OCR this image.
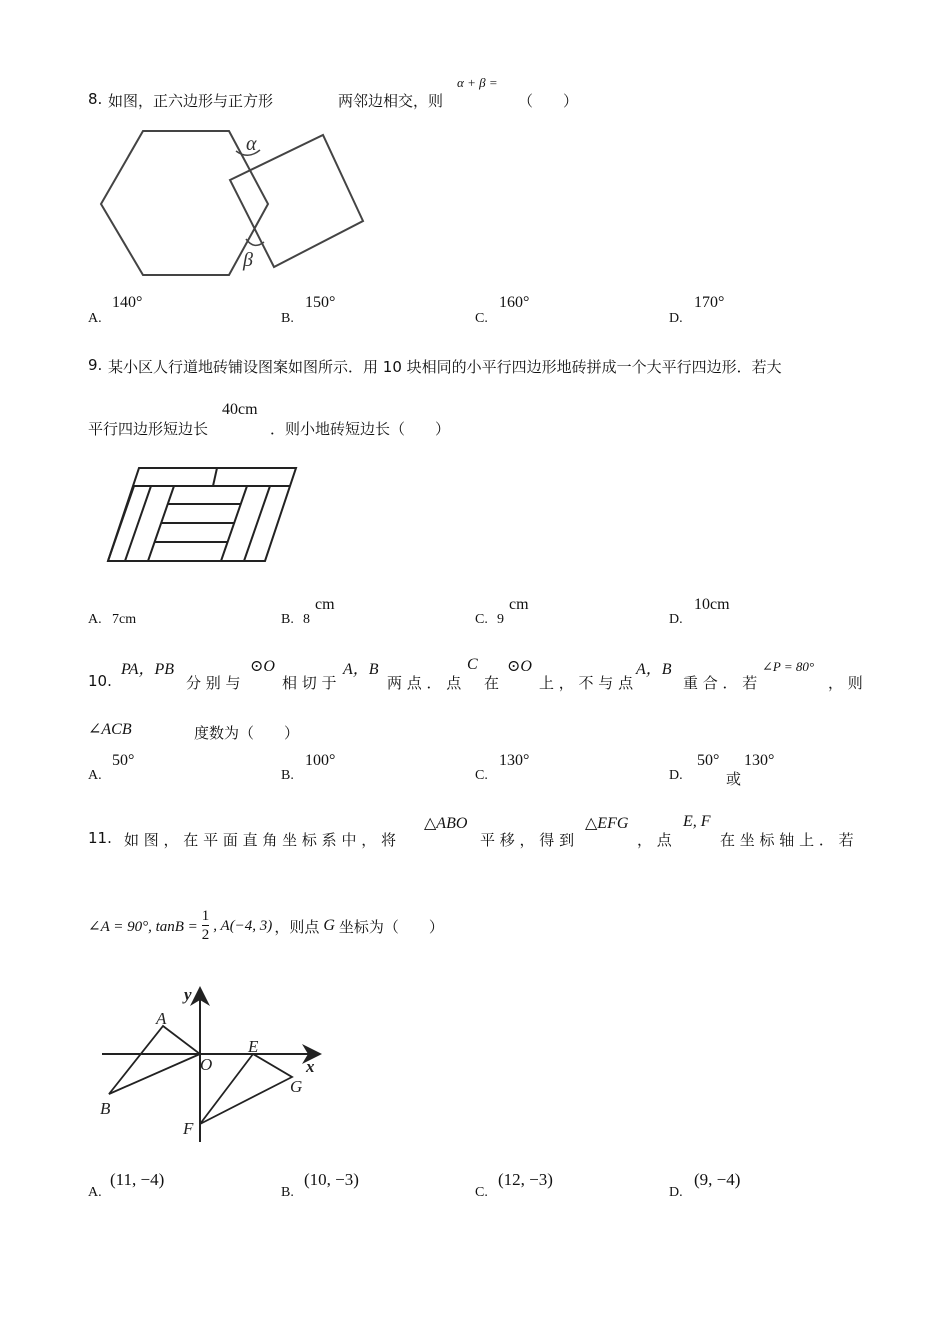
8. 如图，正六边形与正方形	两邻边相交，则
α + β =
（　　）
α
β
A.
140°
B.
150°
C.
160°
D.
170°
9. 某小区人行道地砖铺设图案如图所示．用 10 块相同的小平行四边形地砖拼成一个大平行四边形．若大
平行四边形短边长
40cm
．则小地砖短边长（　　）
A. 7cm	B. 8
cm
C. 9
cm
D.
10cm
10.
PA，PB
分 别 与
⊙O
相 切 于
A，B
两 点 ． 点
C
在
⊙O
上 ， 不 与 点
A，B
重 合 ． 若
∠P = 80°
， 则
∠ACB	度数为（　　）
A.
50°
B.
100°
C.
130°
D.
50°
或
130°
11. 如 图 ， 在 平 面 直 角 坐 标 系 中 ， 将
△ABO
平 移 ， 得 到
△EFG
， 点
E, F
在 坐 标 轴 上 ． 若
∠A = 90°, $\tan B = \frac{1}{2}$ , A(−4, 3) ，则点 G 坐标为（　　）
y
x
A
O
E
B
G
F
A.
(11, −4)
B.
(10, −3)
C.
(12, −3)
D.
(9, −4)
